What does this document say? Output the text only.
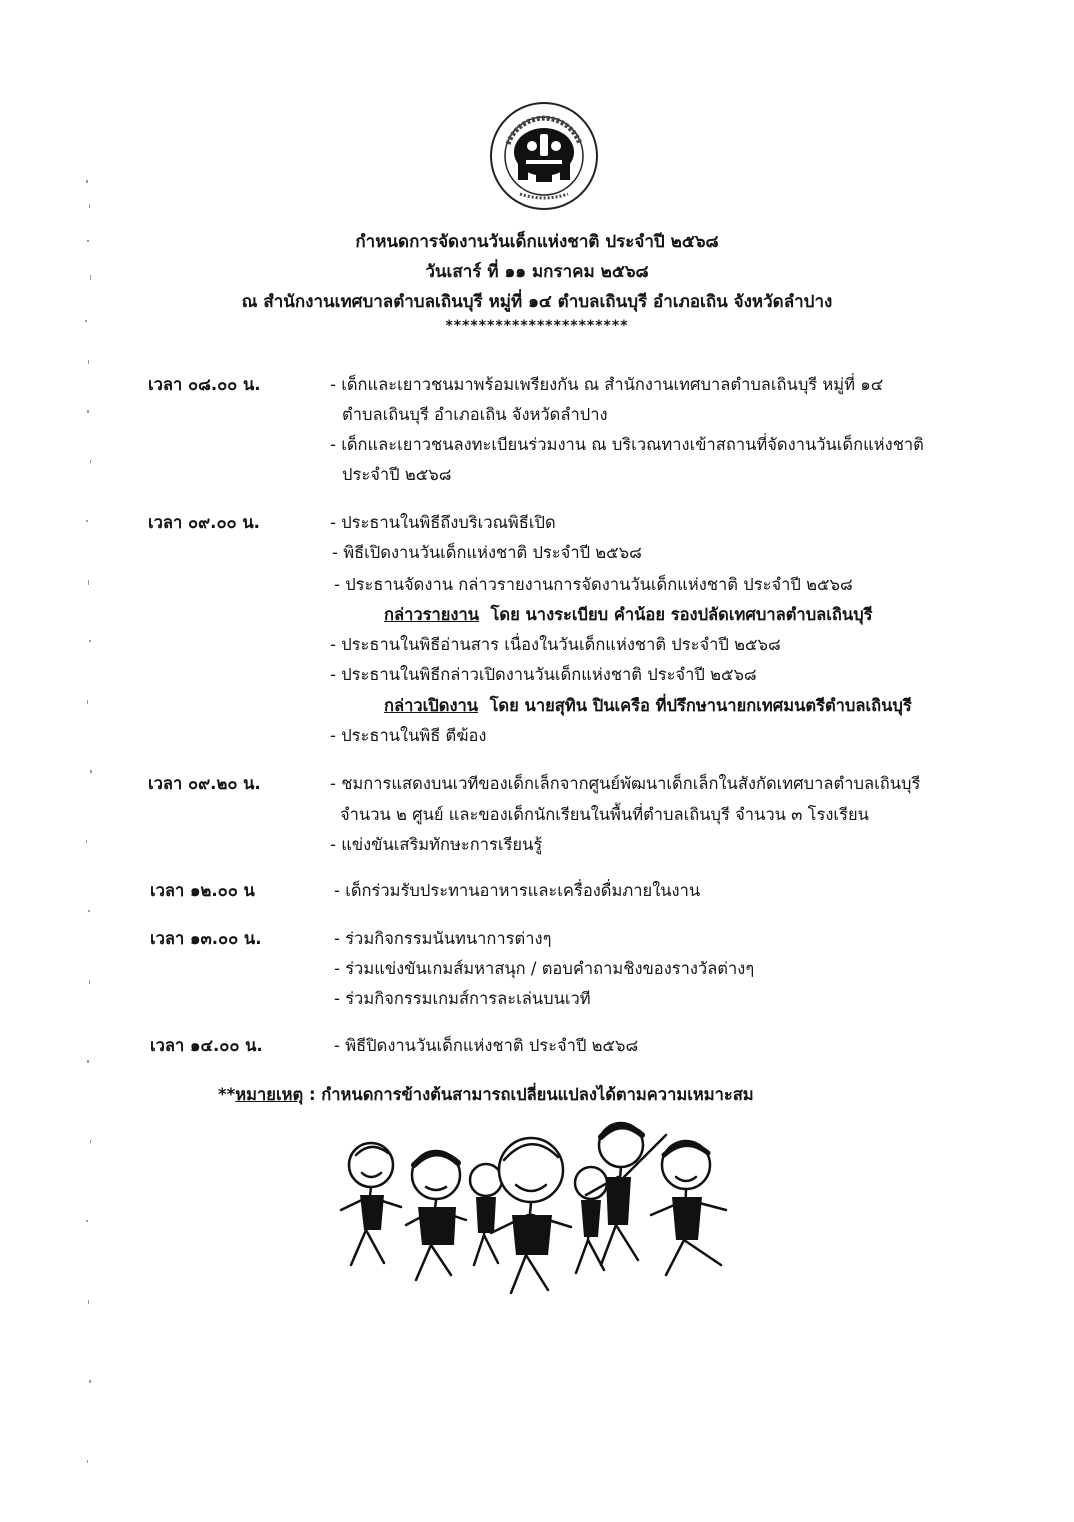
กำหนดการจัดงานวันเด็กแห่งชาติ ประจำปี ๒๕๖๘
วันเสาร์ ที่ ๑๑ มกราคม ๒๕๖๘
ณ สำนักงานเทศบาลตำบลเถินบุรี หมู่ที่ ๑๔ ตำบลเถินบุรี อำเภอเถิน จังหวัดลำปาง
**********************
เวลา ๐๘.๐๐ น.	- เด็กและเยาวชนมาพร้อมเพรียงกัน ณ สำนักงานเทศบาลตำบลเถินบุรี หมู่ที่ ๑๔
ตำบลเถินบุรี อำเภอเถิน จังหวัดลำปาง
- เด็กและเยาวชนลงทะเบียนร่วมงาน ณ บริเวณทางเข้าสถานที่จัดงานวันเด็กแห่งชาติ
ประจำปี ๒๕๖๘
เวลา ๐๙.๐๐ น.	- ประธานในพิธีถึงบริเวณพิธีเปิด
- พิธีเปิดงานวันเด็กแห่งชาติ ประจำปี ๒๕๖๘
- ประธานจัดงาน กล่าวรายงานการจัดงานวันเด็กแห่งชาติ ประจำปี ๒๕๖๘
กล่าวรายงาน โดย นางระเบียบ คำน้อย รองปลัดเทศบาลตำบลเถินบุรี
- ประธานในพิธีอ่านสาร เนื่องในวันเด็กแห่งชาติ ประจำปี ๒๕๖๘
- ประธานในพิธีกล่าวเปิดงานวันเด็กแห่งชาติ ประจำปี ๒๕๖๘
กล่าวเปิดงาน โดย นายสุทิน ปินเครือ ที่ปรึกษานายกเทศมนตรีตำบลเถินบุรี
- ประธานในพิธี ตีฆ้อง
เวลา ๐๙.๒๐ น.	- ชมการแสดงบนเวทีของเด็กเล็กจากศูนย์พัฒนาเด็กเล็กในสังกัดเทศบาลตำบลเถินบุรี
จำนวน ๒ ศูนย์ และของเด็กนักเรียนในพื้นที่ตำบลเถินบุรี จำนวน ๓ โรงเรียน
- แข่งขันเสริมทักษะการเรียนรู้
เวลา ๑๒.๐๐ น	- เด็กร่วมรับประทานอาหารและเครื่องดื่มภายในงาน
เวลา ๑๓.๐๐ น.	- ร่วมกิจกรรมนันทนาการต่างๆ
- ร่วมแข่งขันเกมส์มหาสนุก / ตอบคำถามชิงของรางวัลต่างๆ
- ร่วมกิจกรรมเกมส์การละเล่นบนเวที
เวลา ๑๔.๐๐ น.	- พิธีปิดงานวันเด็กแห่งชาติ ประจำปี ๒๕๖๘
**หมายเหตุ : กำหนดการข้างต้นสามารถเปลี่ยนแปลงได้ตามความเหมาะสม
